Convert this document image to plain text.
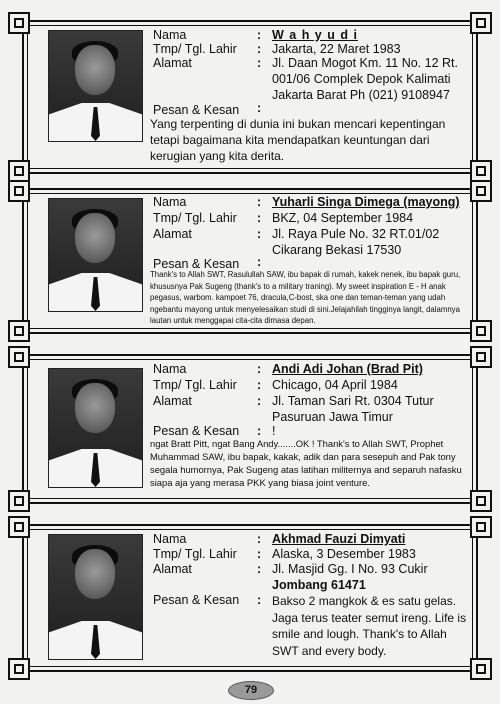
Nama	: W a h y u d i
Tmp/ Tgl. Lahir : Jakarta, 22 Maret 1983
Alamat	: Jl. Daan Mogot Km. 11 No. 12 Rt.
001/06 Complek Depok Kalimati
Jakarta Barat Ph (021) 9108947
Pesan & Kesan :
Yang terpenting di dunia ini bukan mencari kepentingan tetapi bagaimana kita mendapatkan keuntungan dari kerugian yang kita derita.
Nama	: Yuharli Singa Dimega (mayong)
Tmp/ Tgl. Lahir : BKZ, 04 September 1984
Alamat	: Jl. Raya Pule No. 32 RT.01/02
Cikarang Bekasi 17530
Pesan & Kesan :
Thank's to Allah SWT, Rasulullah SAW, ibu bapak di rumah, kakek nenek, ibu bapak guru, khususnya Pak Sugeng (thank's to a military traning). My sweet inspiration E - H anak pegasus, warbom. kampoet 76, dracula,C-bost, ska one dan teman-teman yang udah ngebantu mayong untuk menyelesaikan studi di sini.Jelajahilah tingginya langit, dalamnya lautan untuk menggapai cita-cita dimasa depan.
Nama	: Andi Adi Johan (Brad Pit)
Tmp/ Tgl. Lahir : Chicago, 04 April 1984
Alamat	: Jl. Taman Sari Rt. 0304 Tutur
Pasuruan Jawa Timur
Pesan & Kesan : !
ngat Bratt Pitt, ngat Bang Andy.......OK ! Thank's to Allah SWT, Prophet Muhammad SAW, ibu bapak, kakak, adik dan para sesepuh and Pak tony segala humornya, Pak Sugeng atas latihan militernya and separuh nafasku siapa aja yang merasa PKK yang biasa joint venture.
Nama	: Akhmad Fauzi Dimyati
Tmp/ Tgl. Lahir : Alaska, 3 Desember 1983
Alamat	: Jl. Masjid Gg. I No. 93 Cukir
Jombang 61471
Pesan & Kesan : Bakso 2 mangkok & es satu gelas. Jaga terus teater semut ireng. Life is smile and lough. Thank's to Allah SWT and every body.
79
